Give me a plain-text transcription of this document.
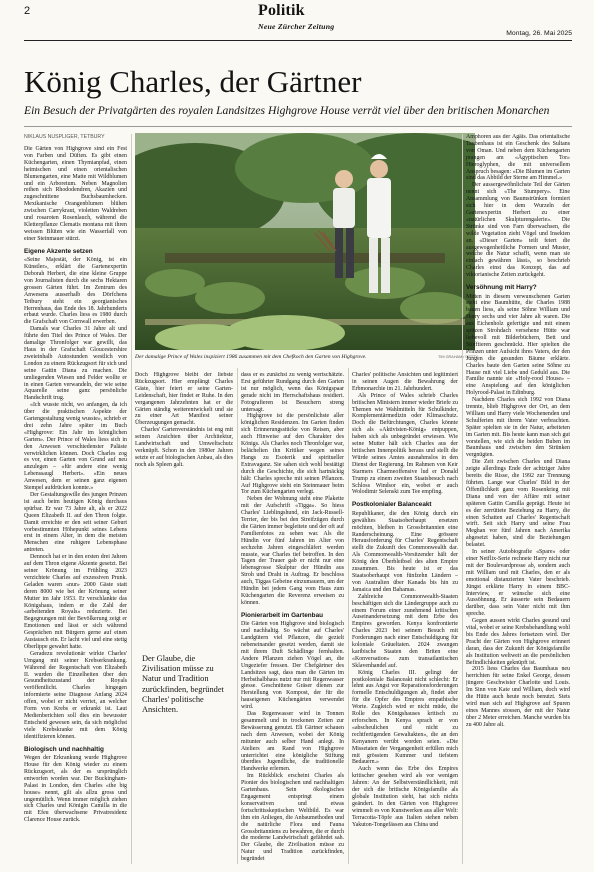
2	Politik
Neue Zürcher Zeitung
Montag, 26. Mai 2025
König Charles, der Gärtner
Ein Besuch der Privatgärten des royalen Landsitzes Highgrove House verrät viel über den britischen Monarchen
NIKLAUS NUSPLIGER, TETBURY
Der damalige Prince of Wales inspiziert 1986 zusammen mit dem Chefkoch den Garten von Highgrove.	TIM GRAHAM / GETTY

Die Gärten von Highgrove sind ein Fest von Farben und Düften. Es gibt einen Küchengarten, einen Thymianpfad, einen heimischen und einen orientalischen Blumengarten, eine Matte mit Wildblumen und ein Arboretum. Neben Magnolien reihen sich Rhododendren, Akazien und zugeschnittene Buchsbaumhecken. Mexikanische Orangenblumen blühen zwischen Carrykraut, violetten Waldreben und rosaroten Rosenlauch, während die Kletterpflanze Clematis montana mit ihren weissen Blüten wie ein Wasserfall von einer Steinmauer stürzt.

Eigene Akzente setzen

«Seine Majestät, der König, ist ein Künstler», erklärt die Gartenexpertin Deborah Herbert, die eine kleine Gruppe von Journalisten durch die sechs Hektaren grossen Gärten führt. Im Zentrum des Anwesens ausserhalb des Dörfchens Tetbury steht ein georgianisches Herrenhaus, das Ende des 18. Jahrhunderts erbaut wurde. Charles liess es 1980 durch die Grafschaft von Cornwall erwerben.

Damals war Charles 31 Jahre alt und führte den Titel des Prince of Wales. Der damalige Thronfolger war gewillt, das Haus in der Grafschaft Gloucestershire zweieinhalb Autostunden westlich von London zu einem Rückzugsort für sich und seine Gattin Diana zu machen. Die umliegenden Wiesen und Felder wollte er in einen Garten verwandeln, der wie seine Aquarelle seine ganz persönliche Handschrift trug.

«Ich wusste nicht, wo anfangen, da ich über die praktischen Aspekte der Gartengestaltung wenig wusste», schrieb er drei zehn Jahre später im Buch «Highgrove: Ein Jahr im königlichen Garten». Der Prince of Wales liess sich in den Anwesen verschiedenster Paläste verwirklichen können. Doch Charles zog es vor, einen Garten von Grund auf neu anzulegen – «für andere eine wenig Lebenssaugl Herbert». «Ein neues Anwesen, dem er seinen ganz eigenen Stempel aufdrücken konnte.»

Der Gestaltungswille des jungen Prinzen ist auch beim heutigen König durchaus spürbar. Er war 73 Jahre alt, als er 2022 Queen Elizabeth II. auf den Thron folgte. Damit erreichte er den seit seiner Geburt vorbestimmten Höhepunkt seines Lebens erst in einem Alter, in dem die meisten Menschen eine ruhigere Lebensphase antreten.

Dennoch hat er in den ersten drei Jahren auf dem Thron eigene Akzente gesetzt. Bei seiner Krönung im Frühling 2023 verzichtete Charles auf exzessiven Prunk. Geladen waren «nur» 2000 Gäste statt deren 8000 wie bei der Krönung seiner Mutter im Jahr 1953. Er verschlankte das Königshaus, indem er die Zahl der «arbeitenden Royals» reduzierte. Bei Begegnungen mit der Bevölkerung zeigt er Emotionen und lässt er sich während Gesprächen mit Bürgern gerne auf einen Austausch ein. Er lacht viel und eine stetig Oberlippe gewahrt hatte.

Geradezu revolutionär wirkte Charles' Umgang mit seiner Krebserkrankung. Während der Regentschaft von Elizabeth II. wurden die Einzelheiten über den Gesundheitszustand der Royals veröffentlicht. Charles hingegen informierte seine Diagnose Anfang 2024 offen, wobei er nicht verriet, an welcher Form von Krebs er erkrankt ist. Laut Medienberichten soll dies ein bewusster Entscheid gewesen sein, da sich möglichst viele Krebskranke mit dem König identifizieren können.

Biologisch und nachhaltig

Wegen der Erkrankung wurde Highgrove House für den König wieder zu einem Rückzugsort, als der es ursprünglich entworfen worden war. Der Buckingham-Palast in London, den Charles «the big house» nennt, gilt als allzu gross und ungemütlich. Wenn immer möglich ziehen sich Charles und Königin Camilla in die mit Efeu überwachsene Privatresidenz Clarence House zurück.

Doch Highgrove bleibt der liebste Rückzugsort. Hier empfängt Charles Gäste, hier feiert er seine Garten-Leidenschaft, hier findet er Ruhe. In den vergangenen Jahrzehnten hat er die Gärten ständig weiterentwickelt und sie zu einer Art Manifest seiner Überzeugungen gemacht.

Charles' Gartenverständnis ist eng mit seinen Ansichten über Architektur, Landwirtschaft und Umweltschutz verknüpft. Schon in den 1980er Jahren setzte er auf biologischen Anbau, als dies noch als Spleen galt.

Der Glaube, die Zivilisation müsse zu Natur und Tradition zurückfinden, begründet Charles' politische Ansichten.

dass er es zunächst zu wenig wertschätzte. Erst geführter Rundgang durch den Garten ist nur möglich, wenn das Königspaar gerade nicht im Herrschaftshaus residiert. Fotografieren ist Besuchern streng untersagt.

Highgrove ist die persönlichste aller königlichen Residenzen. Im Garten finden sich Erinnerungsstücke von Reisen, aber auch Hinweise auf den Charakter des Königs. Als Charles noch Thronfolger war, belächelten ihn Kritiker wegen seines Hangs zu Esoterik und spiritueller Extravaganz. Sie sahen sich wohl bestätigt durch die Geschichte, die sich hartnäckig hält: Charles spreche mit seinen Pflanzen. Auf Highgrove steht ein Steinmauer beim Tor zum Küchengarten verlegt.

Neben der Wohnung steht eine Plakette mit der Aufschrift «Tigga». So hiess Charles' Lieblingshund, ein Jack-Russell-Terrier, der bis bei den Streifzügen durch die Gärten immer begleitete und der oft auf Familienfotos zu sehen war. Als die Hündin vor fünf Jahren im Alter von sechzehn Jahren eingeschläfert werden musste, war Charles tief betroffen. In den Tagen der Trauer gab er nicht nur eine lebensgrosse Skulptur der Hündin aus Stroh und Draht in Auftrag. Er beschloss auch, Tiggas Gebeine einzumauern, um der Hündin bei jedem Gang vom Haus zum Küchengarten die Reverenz erweisen zu können.

Pionierarbeit im Gartenbau

Die Gärten von Highgrove sind biologisch und nachhaltig. So wächst auf Charles' Landgütern viel Pflanzen, die gezielt nebeneinander gesetzt werden, damit sie mit ihrem Duft Schädlinge fernhalten. Andere Pflanzen ziehen Vögel an, die Ungeziefer fressen. Der Chefgärtner des Landsitzes sagt, dass man die Gärten im Herbsthalbhaus nutzt nur mit Regenwasser giesse. Geschnittene Gräser dienen zur Herstellung von Kompost, der für die hauseigenen Küchengärten verwendet wird.

Das Regenwasser wird in Tonnen gesammelt und in trockenen Zeiten zur Bewässerung genutzt. Eli Gärtner schauen nach dem Anwesen, wobei der König mitunter auch selber Hand anlegt. In Ateliers am Rand von Highgrove unterrichtet eine königliche Stiftung überdies Jugendliche, die traditionelle Handwerke erlernen.

Im Rückblick erscheint Charles als Pionier des biologischen und nachhaltigen Gartenbaus. Sein ökologisches Engagement entspringt einem konservativen und etwas fortschrittsskeptischen Weltbild. Es war ihm ein Anliegen, die Anbaumethoden und die natürliche Flora und Fauna Grossbritanniens zu bewahren, die er durch die moderne Landwirtschaft gefährdet sah. Der Glaube, die Zivilisation müsse zu Natur und Tradition zurückfinden, begründet

Charles' politische Ansichten und legitimiert in seinen Augen die Bewahrung der Erbmonarchie im 21. Jahrhundert.

Als Prince of Wales schrieb Charles britischen Ministern immer wieder Briefe zu Themen wie Wahlmitteln für Schulkinder, Komplementärmedizin oder Klimaschutz. Doch die Befürchtungen, Charles könnte sich als «Aktivisten-König» entpuppen, haben sich als unbegründet erwiesen. Wie seine Mutter hält sich Charles aus der britischen Innenpolitik heraus und stellt die Würde seines Amtes ausnahmslos in den Dienst der Regierung. Im Rahmen von Keir Starmers Charmeoffensive lud er Donald Trump zu einem zweiten Staatsbesuch nach Schloss Windsor ein, wobei er auch Wolodimir Selenski zum Tee empfing.

Postkolonialer Balanceakt

Republikaner, die den König durch ein gewähltes Staatsoberhaupt ersetzen möchten, bleiben in Grossbritannien eine Randerscheinung. Eine grössere Herausforderung für Charles' Regentschaft stellt die Zukunft des Commonwealth dar. Als Commonwealth-Vorsitzender hält der König den Überbleibsel des alten Empire zusammen. Bis heute ist er das Staatsoberhaupt von fünfzehn Ländern – von Australien über Kanada bis hin zu Jamaica und den Bahamas.

Zahlreiche Commonwealth-Staaten beschäftigen sich die Ländergruppe auch zu einem Forum einer zunehmend kritischen Auseinandersetzung mit dem Erbe des Empires geworden. Kenya konfrontierte Charles 2023 bei seinem Besuch mit Forderungen nach einer Entschuldigung für koloniale Gräueltaten. 2024 zwangen karibische Staaten den Briten eine «Konversation» zum transatlantischen Sklavenhandel auf.

König Charles III. gelingt der postkoloniale Balanceakt nicht schlecht: Er lehnt aus Angst vor Reparationsforderungen formelle Entschuldigungen ab, findet aber für die Opfer des Empires empathische Worte. Zugleich wird er nicht müde, die Rolle des Königshauses kritisch zu erforschen. In Kenya sprach er von «abscheulichen und nicht zu rechtfertigenden Gewaltakten», die an den Kenyanern verübt worden seien. «Die Missetaten der Vergangenheit erfüllen mich mit grösstem Kummer und tiefstem Bedauern.»

Auch wenn das Erbe des Empires kritischer gesehen wird als vor wenigen Jahren: An der Selbstverständlichkeit, mit der sich die britische Königsfamilie als globale Institution sieht, hat sich nichts geändert. In den Gärten von Highgrove wimmelt es von Kunstwerken aus aller Welt: Terracotta-Töpfe aus Italien stehen neben Yakuton-Tongefässen aus China und

Amphoren aus der Ägäis. Das orientalische Taubenhaus ist ein Geschenk des Sultans von Oman. Und neben dem Küchengarten prangen am «Ägyptischen Tor» Hieroglyphen, die mit universellem Anspruch besagen: «Die Blumen im Garten sind das Abbild der Sterne am Himmel.»

Der aussergewöhnlichste Teil der Gärten nennt sich «The Stumpery». Eine Ansammlung von Baumstrünken formiert sich hier in dem Wurzeln der Gartenexpertin Herbert zu einer «natürlichen Skulpturengalerie». Die Strünke sind von Farn überwachsen, die wilde Vegetation zieht Vögel und Insekten an. «Dieser Garten» teilt feiert die ausgewogenheitliche Formen und Muster, welche die Natur schafft, wenn man sie einlach gewähren lässt», so beschrieb Charles einst das Konzept, das auf viktorianische Zeiten zurückgeht.

Versöhnung mit Harry?

Mitten in diesem verwunschenen Garten steht eine Baumhütte, die Charles 1988 bauen liess, als seine Söhne William und Harry sechs und vier Jahre alt waren. Die aus Eichenholz gefertigte und mit einem spitzen Strohdach versehene Hütte war liebevoll mit Bilderbüchern, Bett und Stofftieren geschmückt. Hier spielten die Prinzen unter Aufsicht ihres Vaters, der den Jungen die gesunden Bäume erklärte. Charles baute den Garten seine Söhne zu Hause mit viel Liebe und Geduld aus. Die Familie nannte sie «Holy-rood House» – eine Anspielung auf den königlichen Holyrood-Palast in Edinburg.

Nachdem Charles sich 1992 von Diana trennte, blieb Highgrove der Ort, an dem William und Harry viele Wochenenden und Schulferien mit ihrem Vater verbrachten. Später spielten sie in der Natur, arbeiteten im Garten mit. Bis heute kann man sich gut vorstellen, wie sich die beiden Buben im Baumhaus und zwischen den Strünken vergnügten.

Die Zeit zwischen Charles und Diana zeigte allerdings Ende der achtziger Jahre bereits die Risse, die 1992 zur Trennung führten. Lange war Charles' Bild in der Öffentlichkeit ganz vom Rosenkrieg mit Diana und von der Affäre mit seiner späteren Gattin Camilla geprägt. Heute ist es der zerrüttete Beziehung zu Harry, die einen Schatten auf Charles' Regentschaft wirft. Seit sich Harry und seine Frau Meghan vor fünf Jahren nach Amerika abgesetzt haben, sind die Beziehungen belastet.

In seiner Autobiografie «Spare» oder einer Netflix-Serie rechnete Harry nicht nur mit der Boulevardpresse ab, sondern auch mit William und mit Charles, den er als emotional distanzierten Vater beschrieb. Jüngst erklärte Harry in einem BBC-Interview, er wünsche sich eine Aussöhnung. Er äusserte sein Bedauern darüber, dass sein Vater nicht mit ihm spreche.

Gegen aussen wirkt Charles gesund und vital, wobei er seine Krebsbehandlung wohl bis Ende des Jahres fortsetzen wird. Der Pracht der Gärten von Highgrove erinnert daran, dass der Zukunft der Königsfamilie als Institution weltweit an die persönlichen Befindlichkeiten geknüpft ist.

2015 liess Charles das Baumhaus neu herrichten für seine Enkel George, dessen jüngere Geschwister Charlotte und Louis. Im Sinn von Kate und William, doch wird die Hütte auch heute noch benutzt. Stets wird man sich auf Highgrove auf Spuren eines Mannes stossen, der mit der Natur über 2 Meter erreichen. Manche wurden bis zu 400 Jahre alt.
